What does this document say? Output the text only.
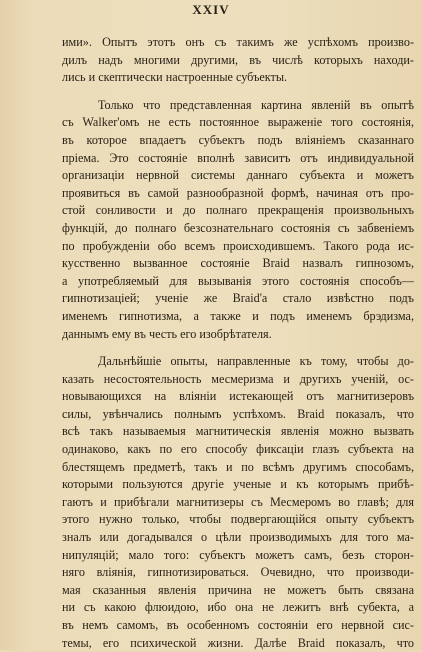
XXIV
ими». Опытъ этотъ онъ съ такимъ же успѣхомъ произво-
дилъ надъ многими другими, въ числѣ которыхъ находи-
лись и скептически настроенные субъекты.
Только что представленная картина явленій въ опытѣ
съ Walker'омъ не есть постоянное выраженіе того состоянія,
въ которое впадаетъ субъектъ подъ вліяніемъ сказаннаго
пріема. Это состояніе вполнѣ зависитъ отъ индивидуальной
организаціи нервной системы даннаго субъекта и можетъ
проявиться въ самой разнообразной формѣ, начиная отъ про-
стой сонливости и до полнаго прекращенія произвольныхъ
функцій, до полнаго безсознательнаго состоянія съ забвеніемъ
по пробужденіи обо всемъ происходившемъ. Такого рода ис-
кусственно вызванное состояніе Braid назвалъ гипнозомъ,
а употребляемый для вызыванія этого состоянія способъ—
гипнотизаціей; ученіе же Braid'а стало извѣстно подъ
именемъ гипнотизма, а также и подъ именемъ брэдизма,
даннымъ ему въ честь его изобрѣтателя.
Дальнѣйшіе опыты, направленные къ тому, чтобы до-
казать несостоятельность месмеризма и другихъ ученій, ос-
новывающихся на вліяніи истекающей отъ магнитизеровъ
силы, увѣнчались полнымъ успѣхомъ. Braid показалъ, что
всѣ такъ называемыя магнитическія явленія можно вызвать
одинаково, какъ по его способу фиксаціи глазъ субъекта на
блестящемъ предметѣ, такъ и по всѣмъ другимъ способамъ,
которыми пользуются другіе ученые и къ которымъ прибѣ-
гаютъ и прибѣгали магнитизеры съ Месмеромъ во главѣ; для
этого нужно только, чтобы подвергающійся опыту субъектъ
зналъ или догадывался о цѣли производимыхъ для того ма-
нипуляцій; мало того: субъектъ можетъ самъ, безъ сторон-
няго вліянія, гипнотизироваться. Очевидно, что производи-
мая сказанныя явленія причина не можетъ быть связана
ни съ какою флюидою, ибо она не лежитъ внѣ субекта, а
въ немъ самомъ, въ особенномъ состояніи его нервной сис-
темы, его психической жизни. Далѣе Braid показалъ, что
